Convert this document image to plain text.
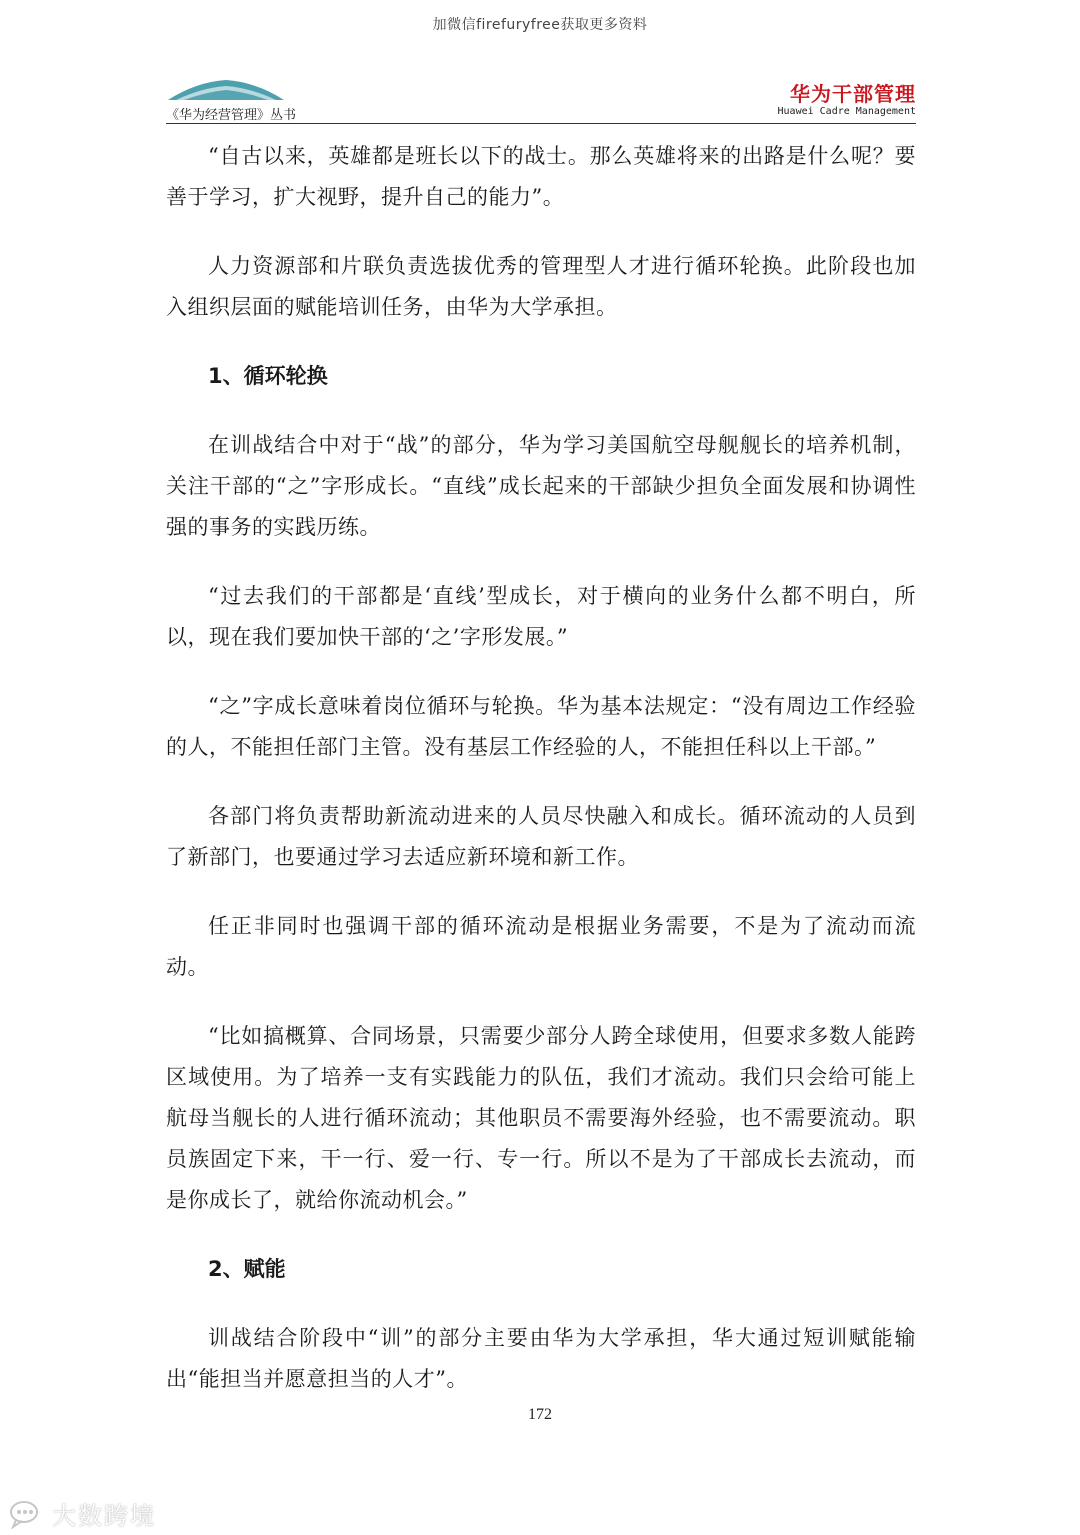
加微信firefuryfree获取更多资料
《华为经营管理》丛书
华为干部管理
Huawei Cadre Management

“自古以来，英雄都是班长以下的战士。那么英雄将来的出路是什么呢？要善于学习，扩大视野，提升自己的能力”。

人力资源部和片联负责选拔优秀的管理型人才进行循环轮换。此阶段也加入组织层面的赋能培训任务，由华为大学承担。

1、循环轮换

在训战结合中对于“战”的部分，华为学习美国航空母舰舰长的培养机制，关注干部的“之”字形成长。“直线”成长起来的干部缺少担负全面发展和协调性强的事务的实践历练。

“过去我们的干部都是‘直线’型成长，对于横向的业务什么都不明白，所以，现在我们要加快干部的‘之’字形发展。”

“之”字成长意味着岗位循环与轮换。华为基本法规定：“没有周边工作经验的人，不能担任部门主管。没有基层工作经验的人，不能担任科以上干部。”

各部门将负责帮助新流动进来的人员尽快融入和成长。循环流动的人员到了新部门，也要通过学习去适应新环境和新工作。

任正非同时也强调干部的循环流动是根据业务需要，不是为了流动而流动。

“比如搞概算、合同场景，只需要少部分人跨全球使用，但要求多数人能跨区域使用。为了培养一支有实践能力的队伍，我们才流动。我们只会给可能上航母当舰长的人进行循环流动；其他职员不需要海外经验，也不需要流动。职员族固定下来，干一行、爱一行、专一行。所以不是为了干部成长去流动，而是你成长了，就给你流动机会。”

2、赋能

训战结合阶段中“训”的部分主要由华为大学承担，华大通过短训赋能输出“能担当并愿意担当的人才”。

172
大数跨境
